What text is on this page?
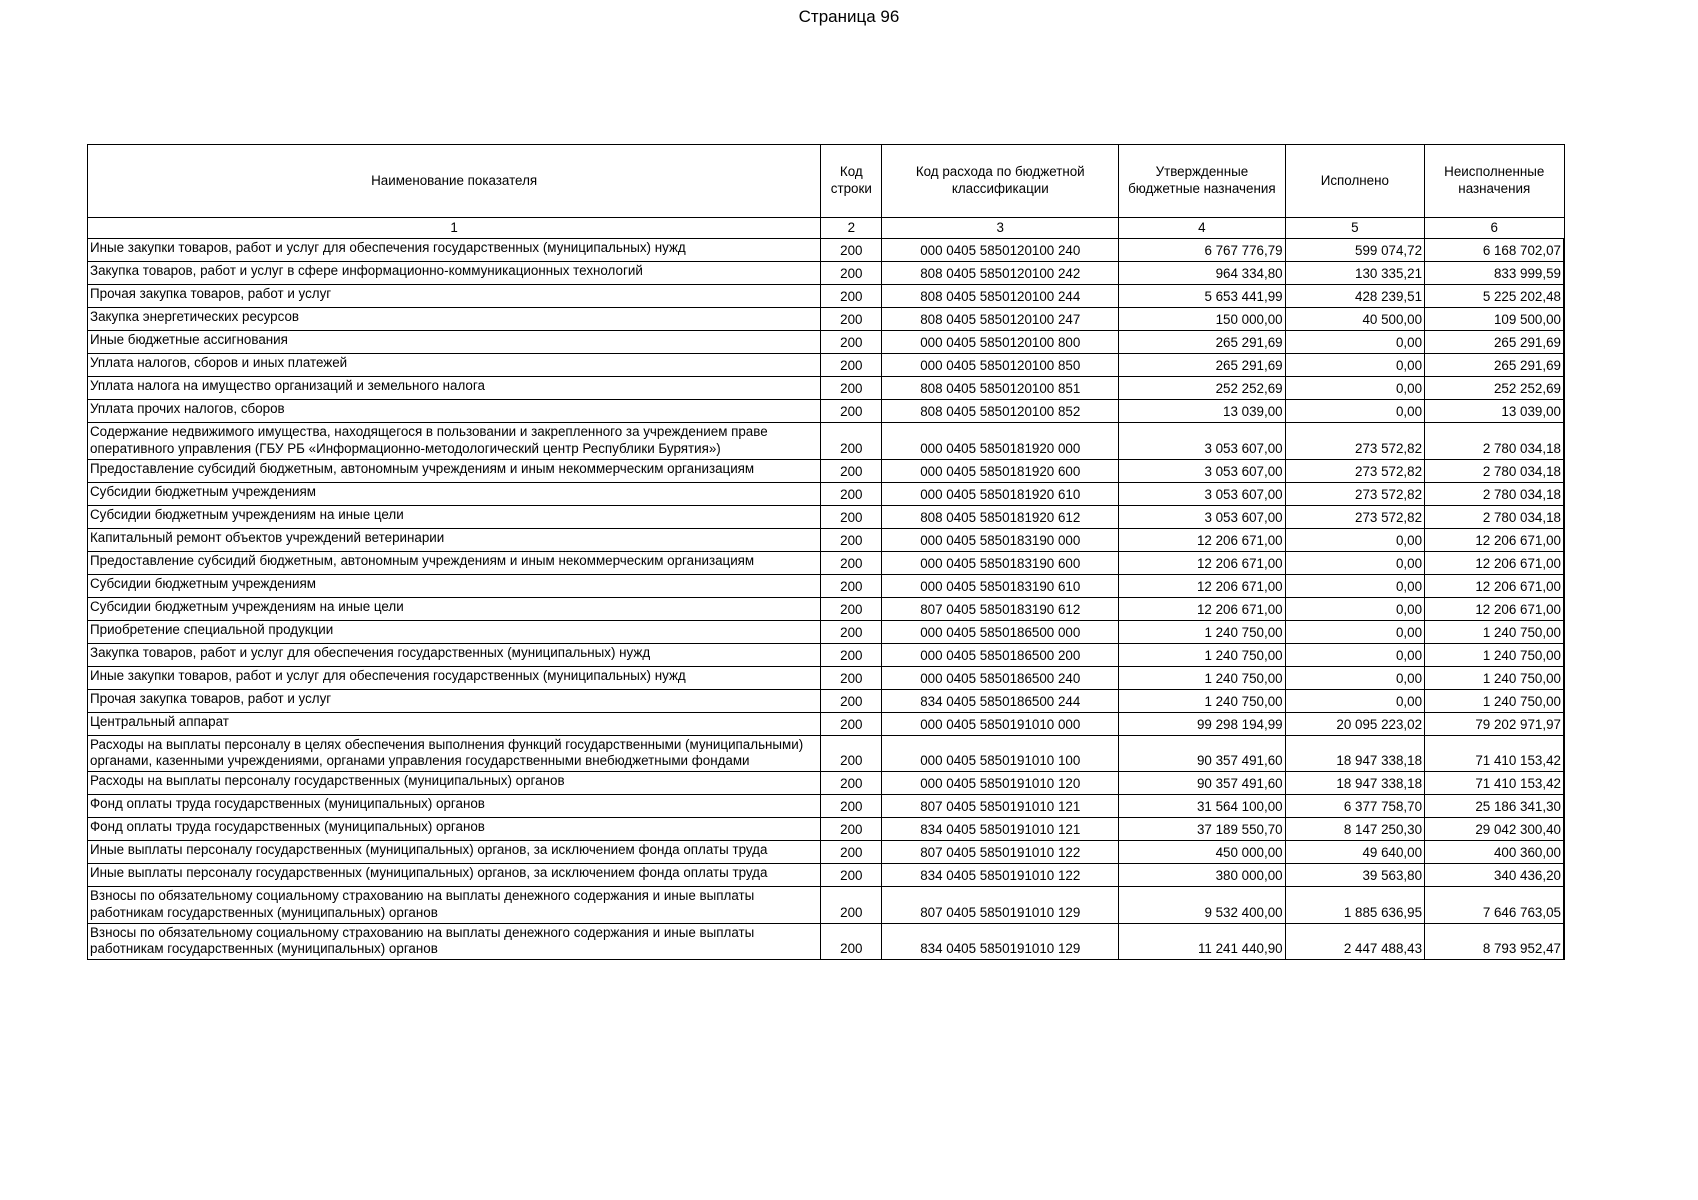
Страница 96
Наименование показателя	Код строки	Код расхода по бюджетной классификации	Утвержденные бюджетные назначения	Исполнено	Неисполненные назначения
1	2	3	4	5	6
Иные закупки товаров, работ и услуг для обеспечения государственных (муниципальных) нужд	200	000 0405 5850120100 240	6 767 776,79	599 074,72	6 168 702,07
Закупка товаров, работ и услуг в сфере информационно-коммуникационных технологий	200	808 0405 5850120100 242	964 334,80	130 335,21	833 999,59
Прочая закупка товаров, работ и услуг	200	808 0405 5850120100 244	5 653 441,99	428 239,51	5 225 202,48
Закупка энергетических ресурсов	200	808 0405 5850120100 247	150 000,00	40 500,00	109 500,00
Иные бюджетные ассигнования	200	000 0405 5850120100 800	265 291,69	0,00	265 291,69
Уплата налогов, сборов и иных платежей	200	000 0405 5850120100 850	265 291,69	0,00	265 291,69
Уплата налога на имущество организаций и земельного налога	200	808 0405 5850120100 851	252 252,69	0,00	252 252,69
Уплата прочих налогов, сборов	200	808 0405 5850120100 852	13 039,00	0,00	13 039,00
Содержание недвижимого имущества, находящегося в пользовании и закрепленного за учреждением праве оперативного управления (ГБУ РБ «Информационно-методологический центр Республики Бурятия»)	200	000 0405 5850181920 000	3 053 607,00	273 572,82	2 780 034,18
Предоставление субсидий бюджетным, автономным учреждениям и иным некоммерческим организациям	200	000 0405 5850181920 600	3 053 607,00	273 572,82	2 780 034,18
Субсидии бюджетным учреждениям	200	000 0405 5850181920 610	3 053 607,00	273 572,82	2 780 034,18
Субсидии бюджетным учреждениям на иные цели	200	808 0405 5850181920 612	3 053 607,00	273 572,82	2 780 034,18
Капитальный ремонт объектов учреждений ветеринарии	200	000 0405 5850183190 000	12 206 671,00	0,00	12 206 671,00
Предоставление субсидий бюджетным, автономным учреждениям и иным некоммерческим организациям	200	000 0405 5850183190 600	12 206 671,00	0,00	12 206 671,00
Субсидии бюджетным учреждениям	200	000 0405 5850183190 610	12 206 671,00	0,00	12 206 671,00
Субсидии бюджетным учреждениям на иные цели	200	807 0405 5850183190 612	12 206 671,00	0,00	12 206 671,00
Приобретение специальной продукции	200	000 0405 5850186500 000	1 240 750,00	0,00	1 240 750,00
Закупка товаров, работ и услуг для обеспечения государственных (муниципальных) нужд	200	000 0405 5850186500 200	1 240 750,00	0,00	1 240 750,00
Иные закупки товаров, работ и услуг для обеспечения государственных (муниципальных) нужд	200	000 0405 5850186500 240	1 240 750,00	0,00	1 240 750,00
Прочая закупка товаров, работ и услуг	200	834 0405 5850186500 244	1 240 750,00	0,00	1 240 750,00
Центральный аппарат	200	000 0405 5850191010 000	99 298 194,99	20 095 223,02	79 202 971,97
Расходы на выплаты персоналу в целях обеспечения выполнения функций государственными (муниципальными) органами, казенными учреждениями, органами управления государственными внебюджетными фондами	200	000 0405 5850191010 100	90 357 491,60	18 947 338,18	71 410 153,42
Расходы на выплаты персоналу государственных (муниципальных) органов	200	000 0405 5850191010 120	90 357 491,60	18 947 338,18	71 410 153,42
Фонд оплаты труда государственных (муниципальных) органов	200	807 0405 5850191010 121	31 564 100,00	6 377 758,70	25 186 341,30
Фонд оплаты труда государственных (муниципальных) органов	200	834 0405 5850191010 121	37 189 550,70	8 147 250,30	29 042 300,40
Иные выплаты персоналу государственных (муниципальных) органов, за исключением фонда оплаты труда	200	807 0405 5850191010 122	450 000,00	49 640,00	400 360,00
Иные выплаты персоналу государственных (муниципальных) органов, за исключением фонда оплаты труда	200	834 0405 5850191010 122	380 000,00	39 563,80	340 436,20
Взносы по обязательному социальному страхованию на выплаты денежного содержания и иные выплаты работникам государственных (муниципальных) органов	200	807 0405 5850191010 129	9 532 400,00	1 885 636,95	7 646 763,05
Взносы по обязательному социальному страхованию на выплаты денежного содержания и иные выплаты работникам государственных (муниципальных) органов	200	834 0405 5850191010 129	11 241 440,90	2 447 488,43	8 793 952,47
